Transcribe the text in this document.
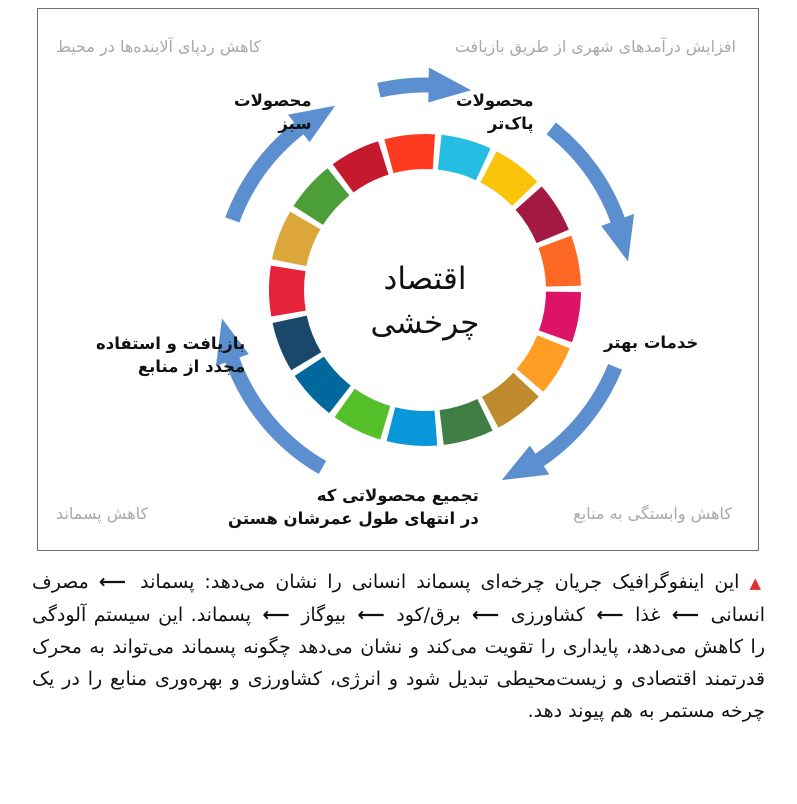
افزایش درآمدهای شهری از طریق بازیافت
کاهش ردپای آلاینده‌ها در محیط
کاهش وابستگی به منابع
کاهش پسماند
محصولات
پاک‌تر
محصولات
سبز
خدمات بهتر
تجمیع محصولاتی که
در انتهای طول عمرشان هستن
بازیافت و استفاده
مجدد از منابع
اقتصاد
چرخشی
▲ این اینفوگرافیک جریان چرخه‌ای پسماند انسانی را نشان می‌دهد: پسماند ⟵ مصرف انسانی ⟵ غذا ⟵ کشاورزی ⟵ برق/کود ⟵ بیوگاز ⟵ پسماند. این سیستم آلودگی را کاهش می‌دهد، پایداری را تقویت می‌کند و نشان می‌دهد چگونه پسماند می‌تواند به محرک قدرتمند اقتصادی و زیست‌محیطی تبدیل شود و انرژی، کشاورزی و بهره‌وری منابع را در یک چرخه مستمر به هم پیوند دهد.
